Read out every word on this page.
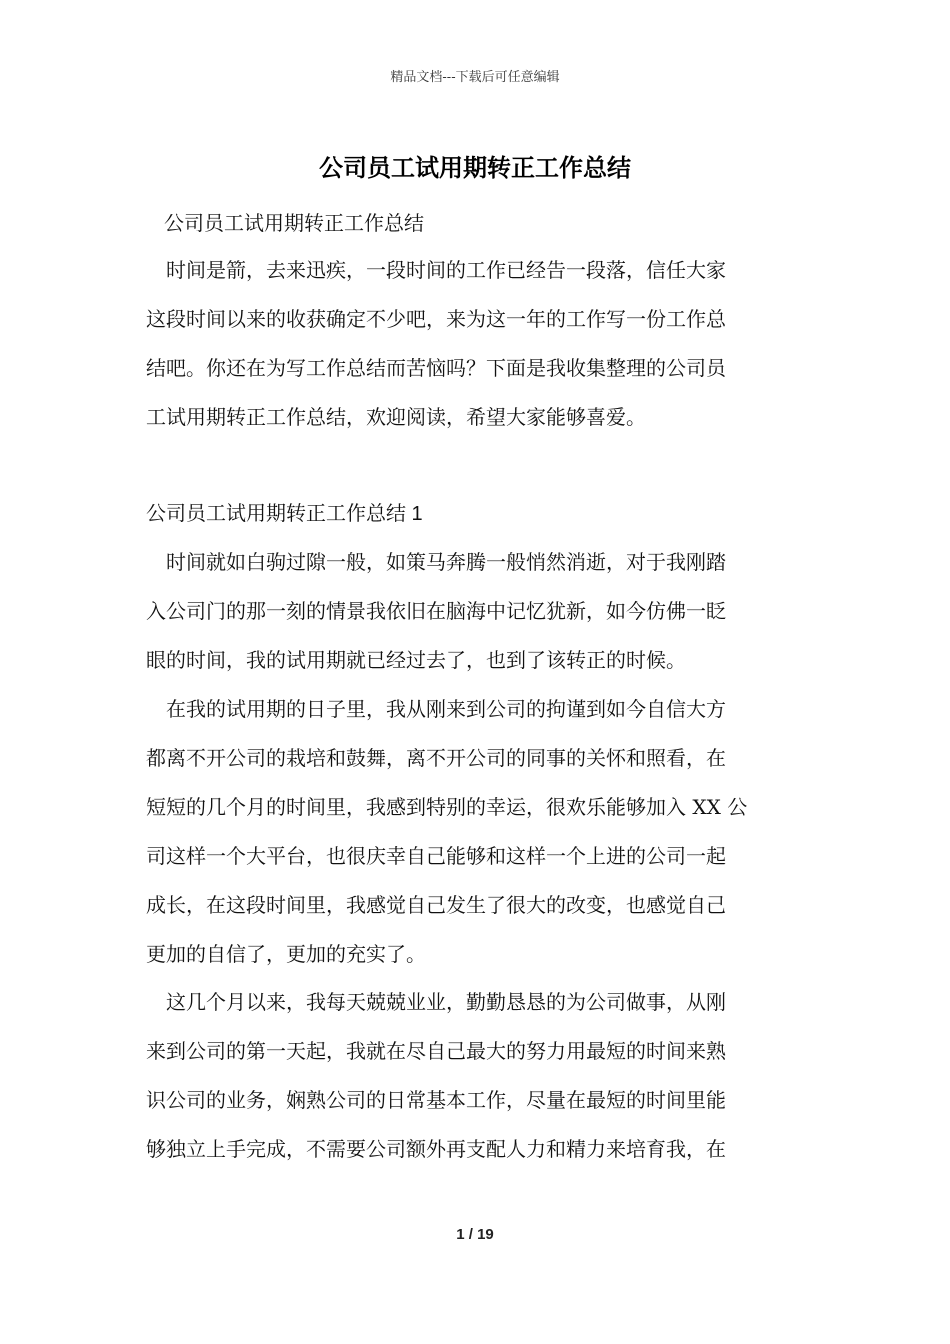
精品文档---下载后可任意编辑
公司员工试用期转正工作总结
公司员工试用期转正工作总结
　时间是箭，去来迅疾，一段时间的工作已经告一段落，信任大家
这段时间以来的收获确定不少吧，来为这一年的工作写一份工作总
结吧。你还在为写工作总结而苦恼吗？下面是我收集整理的公司员
工试用期转正工作总结，欢迎阅读，希望大家能够喜爱。
公司员工试用期转正工作总结 1
　时间就如白驹过隙一般，如策马奔腾一般悄然消逝，对于我刚踏
入公司门的那一刻的情景我依旧在脑海中记忆犹新，如今仿佛一眨
眼的时间，我的试用期就已经过去了，也到了该转正的时候。
　在我的试用期的日子里，我从刚来到公司的拘谨到如今自信大方
都离不开公司的栽培和鼓舞，离不开公司的同事的关怀和照看，在
短短的几个月的时间里，我感到特别的幸运，很欢乐能够加入 XX 公
司这样一个大平台，也很庆幸自己能够和这样一个上进的公司一起
成长，在这段时间里，我感觉自己发生了很大的改变，也感觉自己
更加的自信了，更加的充实了。
　这几个月以来，我每天兢兢业业，勤勤恳恳的为公司做事，从刚
来到公司的第一天起，我就在尽自己最大的努力用最短的时间来熟
识公司的业务，娴熟公司的日常基本工作，尽量在最短的时间里能
够独立上手完成，不需要公司额外再支配人力和精力来培育我，在
1 / 19
